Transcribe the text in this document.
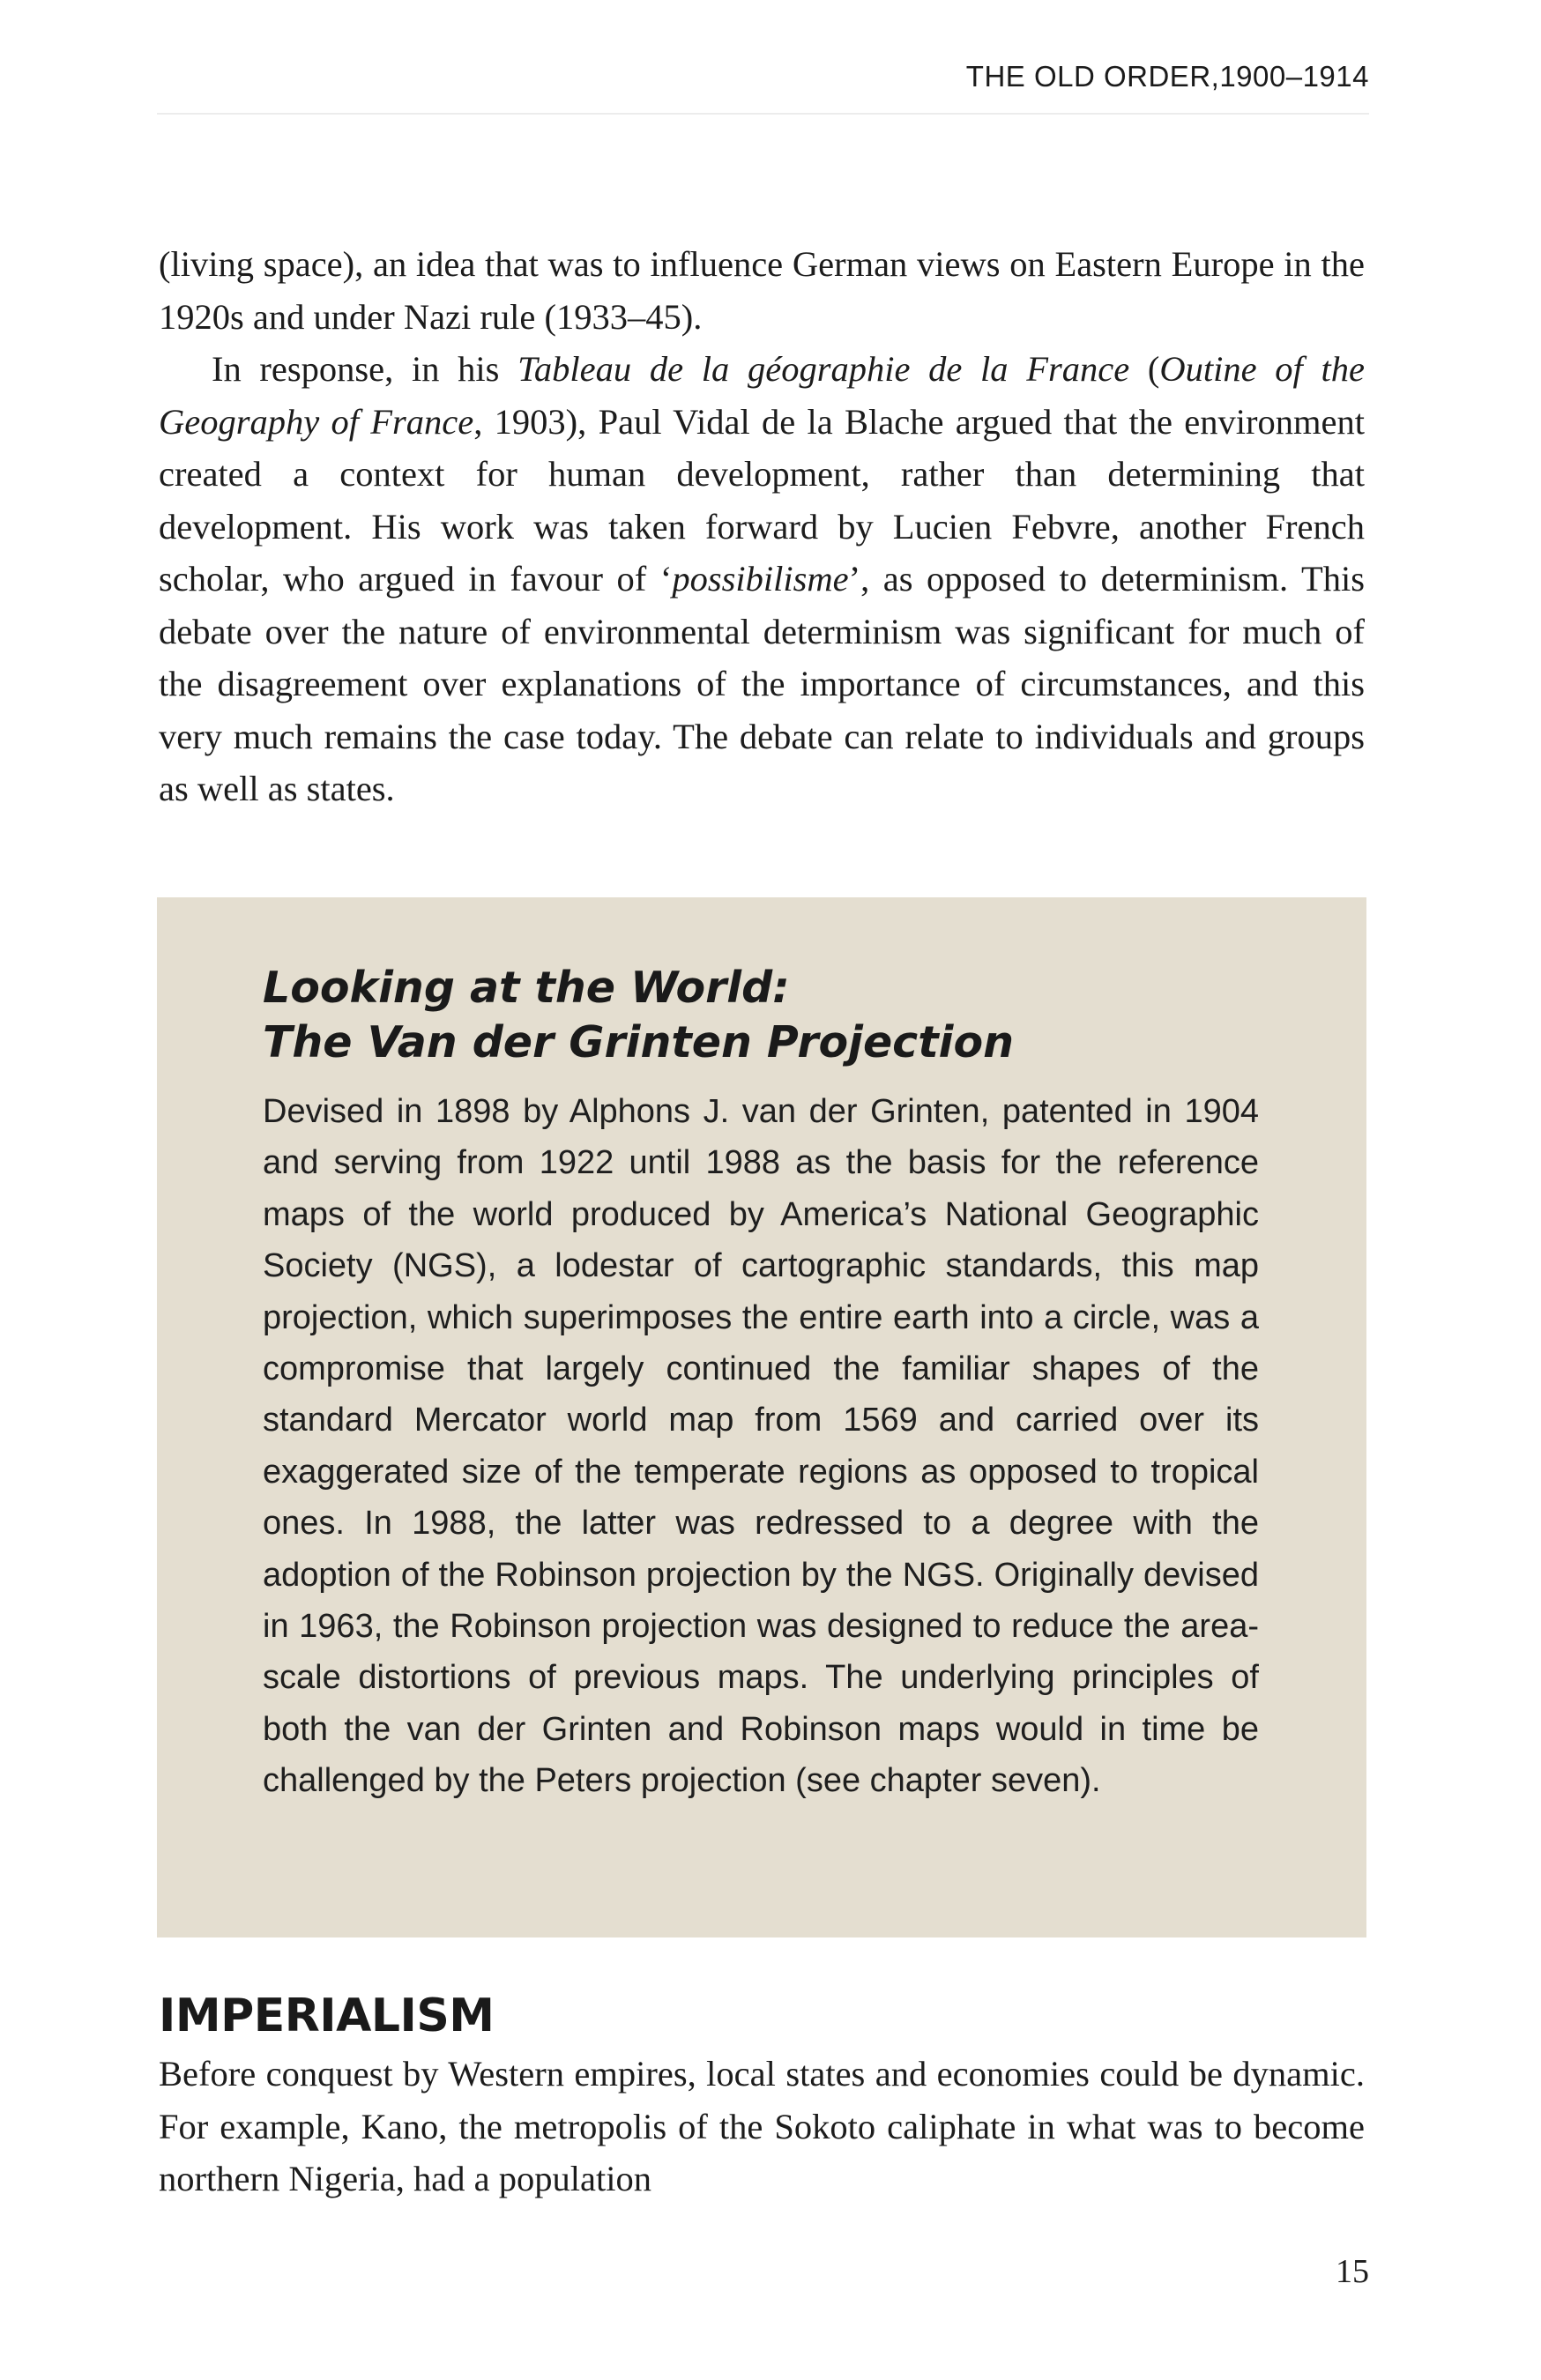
THE OLD ORDER,1900–1914

(living space), an idea that was to influence German views on Eastern Europe in the 1920s and under Nazi rule (1933–45).

In response, in his Tableau de la géographie de la France (Outine of the Geography of France, 1903), Paul Vidal de la Blache argued that the environment created a context for human development, rather than determining that development. His work was taken forward by Lucien Febvre, another French scholar, who argued in favour of ‘possibilisme’, as opposed to determinism. This debate over the nature of environmental determinism was significant for much of the disagreement over explanations of the importance of circumstances, and this very much remains the case today. The debate can relate to individuals and groups as well as states.

Looking at the World:
The Van der Grinten Projection

Devised in 1898 by Alphons J. van der Grinten, patented in 1904 and serving from 1922 until 1988 as the basis for the reference maps of the world produced by America’s National Geographic Society (NGS), a lodestar of cartographic standards, this map projection, which superimposes the entire earth into a circle, was a compromise that largely continued the familiar shapes of the standard Mercator world map from 1569 and carried over its exaggerated size of the temperate regions as opposed to tropical ones. In 1988, the latter was redressed to a degree with the adoption of the Robinson projection by the NGS. Originally devised in 1963, the Robinson projection was designed to reduce the area-scale distortions of previous maps. The underlying principles of both the van der Grinten and Robinson maps would in time be challenged by the Peters projection (see chapter seven).

IMPERIALISM

Before conquest by Western empires, local states and economies could be dynamic. For example, Kano, the metropolis of the Sokoto caliphate in what was to become northern Nigeria, had a population

15
